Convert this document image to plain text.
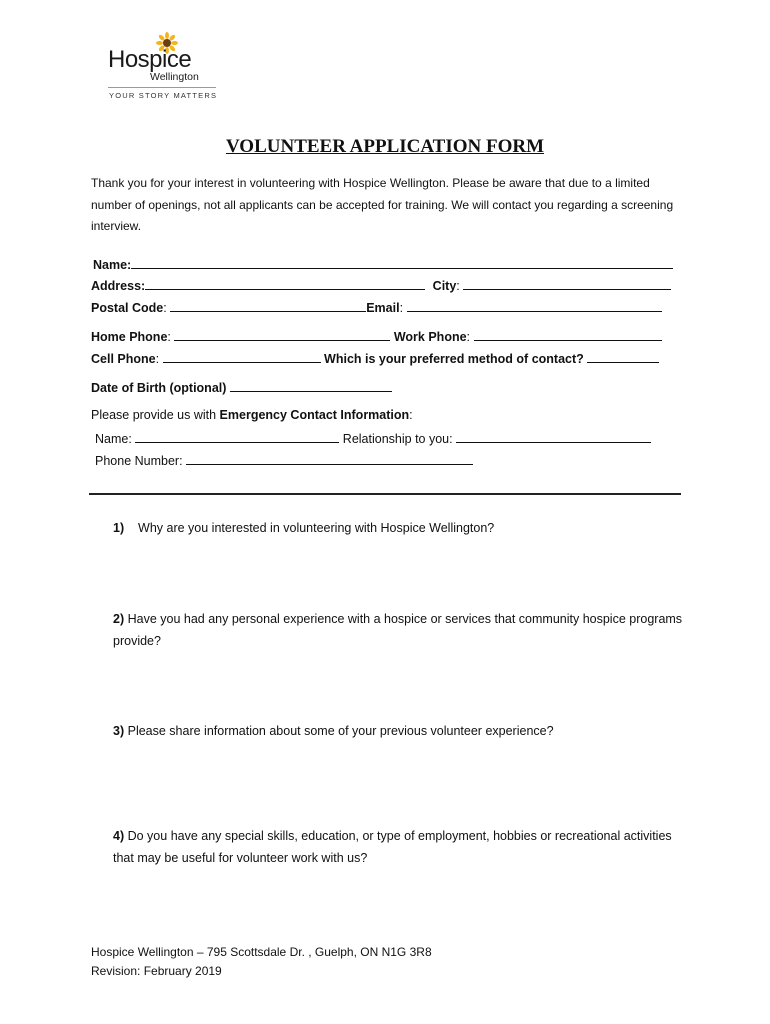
Hospice
Wellington
YOUR STORY MATTERS
VOLUNTEER APPLICATION FORM
Thank you for your interest in volunteering with Hospice Wellington. Please be aware that due to a limited number of openings, not all applicants can be accepted for training. We will contact you regarding a screening interview.
Name:
Address:	City:
Postal Code:	Email:
Home Phone:	Work Phone:
Cell Phone:	Which is your preferred method of contact?
Date of Birth (optional)
Please provide us with Emergency Contact Information:
Name:	Relationship to you:
Phone Number:
1) Why are you interested in volunteering with Hospice Wellington?
2) Have you had any personal experience with a hospice or services that community hospice programs provide?
3) Please share information about some of your previous volunteer experience?
4) Do you have any special skills, education, or type of employment, hobbies or recreational activities that may be useful for volunteer work with us?
Hospice Wellington – 795 Scottsdale Dr. , Guelph, ON N1G 3R8
Revision: February 2019
